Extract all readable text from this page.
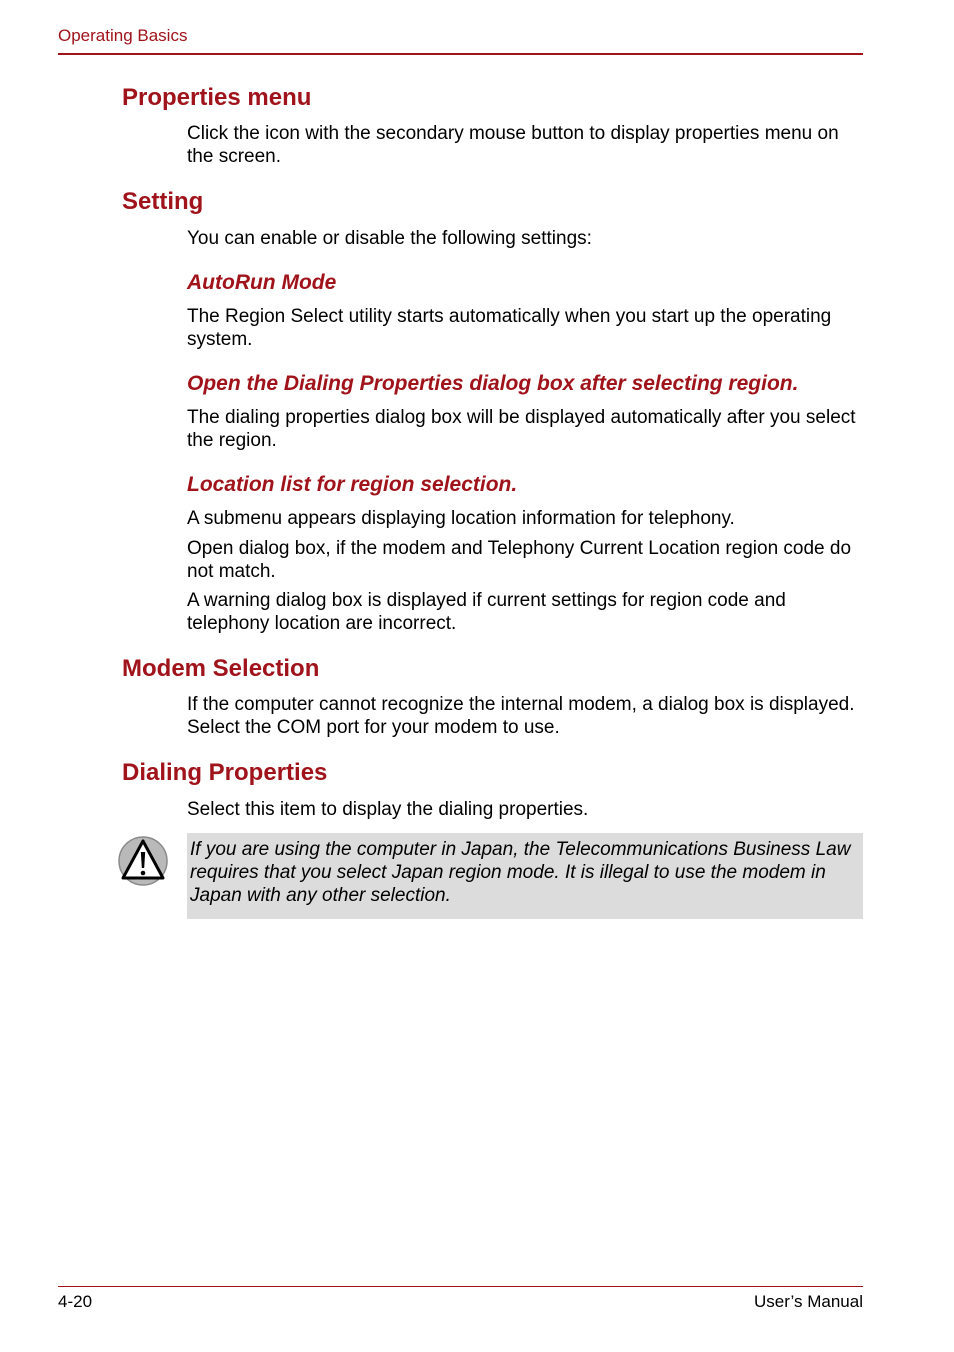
Operating Basics
Properties menu

Click the icon with the secondary mouse button to display properties menu on the screen.

Setting

You can enable or disable the following settings:

AutoRun Mode

The Region Select utility starts automatically when you start up the operating system.

Open the Dialing Properties dialog box after selecting region.

The dialing properties dialog box will be displayed automatically after you select the region.

Location list for region selection.

A submenu appears displaying location information for telephony.

Open dialog box, if the modem and Telephony Current Location region code do not match.

A warning dialog box is displayed if current settings for region code and telephony location are incorrect.

Modem Selection

If the computer cannot recognize the internal modem, a dialog box is displayed. Select the COM port for your modem to use.

Dialing Properties

Select this item to display the dialing properties.

If you are using the computer in Japan, the Telecommunications Business Law requires that you select Japan region mode. It is illegal to use the modem in Japan with any other selection.

4-20	User’s Manual
